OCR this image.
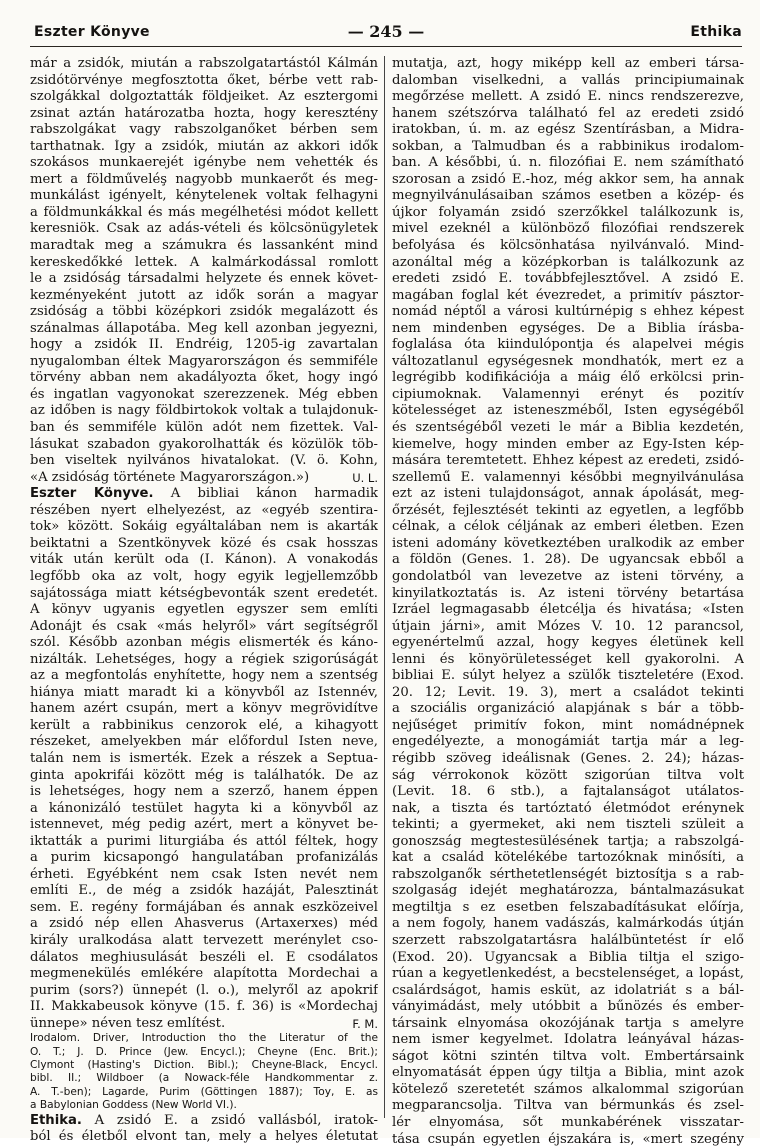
Eszter Könyve	— 245 —	Ethika
már a zsidók, miután a rabszolgatartástól Kálmán
zsidótörvénye megfosztotta őket, bérbe vett rab-
szolgákkal dolgoztatták földjeiket. Az esztergomi
zsinat aztán határozatba hozta, hogy keresztény
rabszolgákat vagy rabszolganőket bérben sem
tarthatnak. Így a zsidók, miután az akkori idők
szokásos munkaerejét igénybe nem vehették és
mert a földműveléş nagyobb munkaerőt és meg-
munkálást igényelt, kénytelenek voltak felhagyni
a földmunkákkal és más megélhetési módot kellett
keresniök. Csak az adás-vételi és kölcsönügyletek
maradtak meg a számukra és lassanként mind
kereskedőkké lettek. A kalmárkodással romlott
le a zsidóság társadalmi helyzete és ennek követ-
kezményeként jutott az idők során a magyar
zsidóság a többi középkori zsidók megalázott és
szánalmas állapotába. Meg kell azonban jegyezni,
hogy a zsidók II. Endréig, 1205-ig zavartalan
nyugalomban éltek Magyarországon és semmiféle
törvény abban nem akadályozta őket, hogy ingó
és ingatlan vagyonokat szerezzenek. Még ebben
az időben is nagy földbirtokok voltak a tulajdonuk-
ban és semmiféle külön adót nem fizettek. Val-
lásukat szabadon gyakorolhatták és közülök töb-
ben viseltek nyilvános hivatalokat. (V. ö. Kohn,
«A zsidóság története Magyarországon.»)	U. L.
Eszter Könyve. A bibliai kánon harmadik
részében nyert elhelyezést, az «egyéb szentira-
tok» között. Sokáig egyáltalában nem is akarták
beiktatni a Szentkönyvek közé és csak hosszas
viták után került oda (I. Kánon). A vonakodás
legfőbb oka az volt, hogy egyik legjellemzőbb
sajátossága miatt kétségbevonták szent eredetét.
A könyv ugyanis egyetlen egyszer sem említi
Adonájt és csak «más helyről» várt segítségről
szól. Később azonban mégis elismerték és káno-
nizálták. Lehetséges, hogy a régiek szigorúságát
az a megfontolás enyhítette, hogy nem a szentség
hiánya miatt maradt ki a könyvből az Istennév,
hanem azért csupán, mert a könyv megrövidítve
került a rabbinikus cenzorok elé, a kihagyott
részeket, amelyekben már előfordul Isten neve,
talán nem is ismerték. Ezek a részek a Septua-
ginta apokrifái között még is találhatók. De az
is lehetséges, hogy nem a szerző, hanem éppen
a kánonizáló testület hagyta ki a könyvből az
istennevet, még pedig azért, mert a könyvet be-
iktatták a purimi liturgiába és attól féltek, hogy
a purim kicsapongó hangulatában profanizálás
érheti. Egyébként nem csak Isten nevét nem
említi E., de még a zsidók hazáját, Palesztinát
sem. E. regény formájában és annak eszközeivel
a zsidó nép ellen Ahasverus (Artaxerxes) méd
király uralkodása alatt tervezett merénylet cso-
dálatos meghiusulását beszéli el. E csodálatos
megmenekülés emlékére alapította Mordechai a
purim (sors?) ünnepét (l. o.), melyről az apokrif
II. Makkabeusok könyve (15. f. 36) is «Mordechaj
ünnepe» néven tesz említést.	F. M.
Irodalom. Driver, Introduction tho the Literatur of the
O. T.; J. D. Prince (Jew. Encycl.); Cheyne (Enc. Brit.);
Clymont (Hasting's Diction. Bibl.); Cheyne-Black, Encycl.
bibl. II.; Wildboer (a Nowack-féle Handkommentar z.
A. T.-ben); Lagarde, Purim (Göttingen 1887); Toy, E. as
a Babylonian Goddess (New World VI.).
Ethika. A zsidó E. a zsidó vallásból, iratok-
ból és életből elvont tan, mely a helyes életutat
mutatja, azt, hogy miképp kell az emberi társa-
dalomban viselkedni, a vallás principiumainak
megőrzése mellett. A zsidó E. nincs rendszerezve,
hanem szétszórva található fel az eredeti zsidó
iratokban, ú. m. az egész Szentírásban, a Midra-
sokban, a Talmudban és a rabbinikus irodalom-
ban. A későbbi, ú. n. filozófiai E. nem számítható
szorosan a zsidó E.-hoz, még akkor sem, ha annak
megnyilvánulásaiban számos esetben a közép- és
újkor folyamán zsidó szerzőkkel találkozunk is,
mivel ezeknél a különböző filozófiai rendszerek
befolyása és kölcsönhatása nyilvánvaló. Mind-
azonáltal még a középkorban is találkozunk az
eredeti zsidó E. továbbfejlesztővel. A zsidó E.
magában foglal két évezredet, a primitív pásztor-
nomád néptől a városi kultúrnépig s ehhez képest
nem mindenben egységes. De a Biblia írásba-
foglalása óta kiindulópontja és alapelvei mégis
változatlanul egységesnek mondhatók, mert ez a
legrégibb kodifikációja a máig élő erkölcsi prin-
cipiumoknak. Valamennyi erényt és pozitív
kötelességet az isteneszméből, Isten egységéből
és szentségéből vezeti le már a Biblia kezdetén,
kiemelve, hogy minden ember az Egy-Isten kép-
mására teremtetett. Ehhez képest az eredeti, zsidó-
szellemű E. valamennyi későbbi megnyilvánulása
ezt az isteni tulajdonságot, annak ápolását, meg-
őrzését, fejlesztését tekinti az egyetlen, a legfőbb
célnak, a célok céljának az emberi életben. Ezen
isteni adomány következtében uralkodik az ember
a földön (Genes. 1. 28). De ugyancsak ebből a
gondolatból van levezetve az isteni törvény, a
kinyilatkoztatás is. Az isteni törvény betartása
Izráel legmagasabb életcélja és hivatása; «Isten
útjain járni», amit Mózes V. 10. 12 parancsol,
egyenértelmű azzal, hogy kegyes életünek kell
lenni és könyörületességet kell gyakorolni. A
bibliai E. súlyt helyez a szülők tiszteletére (Exod.
20. 12; Levit. 19. 3), mert a családot tekinti
a szociális organizáció alapjának s bár a több-
nejűséget primitív fokon, mint nomádnépnek
engedélyezte, a monogámiát tartja már a leg-
régibb szöveg ideálisnak (Genes. 2. 24); házas-
ság vérrokonok között szigorúan tiltva volt
(Levit. 18. 6 stb.), a fajtalanságot utálatos-
nak, a tiszta és tartóztató életmódot erénynek
tekinti; a gyermeket, aki nem tiszteli szüleit a
gonoszság megtestesülésének tartja; a rabszolgá-
kat a család kötelékébe tartozóknak minősíti, a
rabszolganők sérthetetlenségét biztosítja s a rab-
szolgaság idejét meghatározza, bántalmazásukat
megtiltja s ez esetben felszabadításukat előírja,
a nem fogoly, hanem vadászás, kalmárkodás útján
szerzett rabszolgatartásra halálbüntetést ír elő
(Exod. 20). Ugyancsak a Biblia tiltja el szigo-
rúan a kegyetlenkedést, a becstelenséget, a lopást,
csalárdságot, hamis esküt, az idolatriát s a bál-
ványimádást, mely utóbbit a bűnözés és ember-
társaink elnyomása okozójának tartja s amelyre
nem ismer kegyelmet. Idolatra leányával házas-
ságot kötni szintén tiltva volt. Embertársaink
elnyomatását éppen úgy tiltja a Biblia, mint azok
kötelező szeretetét számos alkalommal szigorúan
megparancsolja. Tiltva van bérmunkás és zsel-
lér elnyomása, sőt munkabérének visszatar-
tása csupán egyetlen éjszakára is, «mert szegény
